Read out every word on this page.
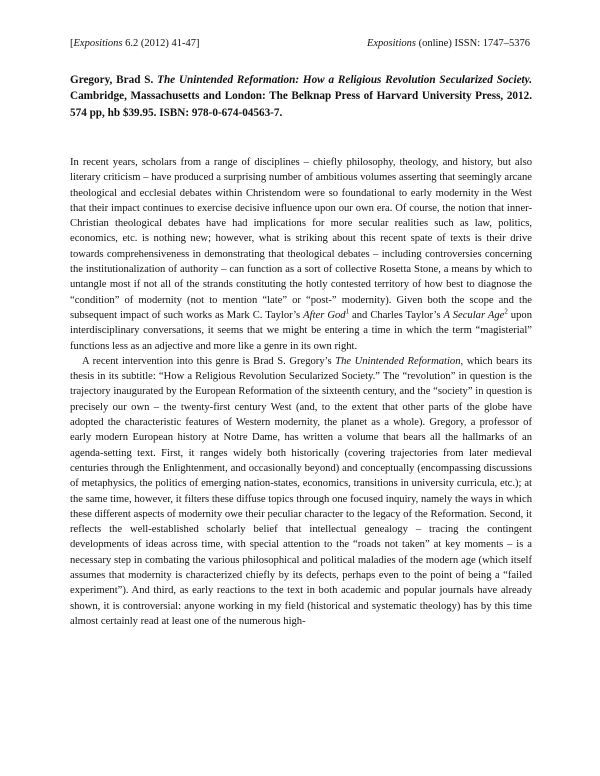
[Expositions 6.2 (2012) 41-47]	Expositions (online) ISSN: 1747–5376
Gregory, Brad S. The Unintended Reformation: How a Religious Revolution Secularized Society. Cambridge, Massachusetts and London: The Belknap Press of Harvard University Press, 2012. 574 pp, hb $39.95. ISBN: 978-0-674-04563-7.

In recent years, scholars from a range of disciplines – chiefly philosophy, theology, and history, but also literary criticism – have produced a surprising number of ambitious volumes asserting that seemingly arcane theological and ecclesial debates within Christendom were so foundational to early modernity in the West that their impact continues to exercise decisive influence upon our own era. Of course, the notion that inner-Christian theological debates have had implications for more secular realities such as law, politics, economics, etc. is nothing new; however, what is striking about this recent spate of texts is their drive towards comprehensiveness in demonstrating that theological debates – including controversies concerning the institutionalization of authority – can function as a sort of collective Rosetta Stone, a means by which to untangle most if not all of the strands constituting the hotly contested territory of how best to diagnose the “condition” of modernity (not to mention “late” or “post-” modernity). Given both the scope and the subsequent impact of such works as Mark C. Taylor’s After God$^1$ and Charles Taylor’s A Secular Age$^2$ upon interdisciplinary conversations, it seems that we might be entering a time in which the term “magisterial” functions less as an adjective and more like a genre in its own right.

A recent intervention into this genre is Brad S. Gregory’s The Unintended Reformation, which bears its thesis in its subtitle: “How a Religious Revolution Secularized Society.” The “revolution” in question is the trajectory inaugurated by the European Reformation of the sixteenth century, and the “society” in question is precisely our own – the twenty-first century West (and, to the extent that other parts of the globe have adopted the characteristic features of Western modernity, the planet as a whole). Gregory, a professor of early modern European history at Notre Dame, has written a volume that bears all the hallmarks of an agenda-setting text. First, it ranges widely both historically (covering trajectories from later medieval centuries through the Enlightenment, and occasionally beyond) and conceptually (encompassing discussions of metaphysics, the politics of emerging nation-states, economics, transitions in university curricula, etc.); at the same time, however, it filters these diffuse topics through one focused inquiry, namely the ways in which these different aspects of modernity owe their peculiar character to the legacy of the Reformation. Second, it reflects the well-established scholarly belief that intellectual genealogy – tracing the contingent developments of ideas across time, with special attention to the “roads not taken” at key moments – is a necessary step in combating the various philosophical and political maladies of the modern age (which itself assumes that modernity is characterized chiefly by its defects, perhaps even to the point of being a “failed experiment”). And third, as early reactions to the text in both academic and popular journals have already shown, it is controversial: anyone working in my field (historical and systematic theology) has by this time almost certainly read at least one of the numerous high-
